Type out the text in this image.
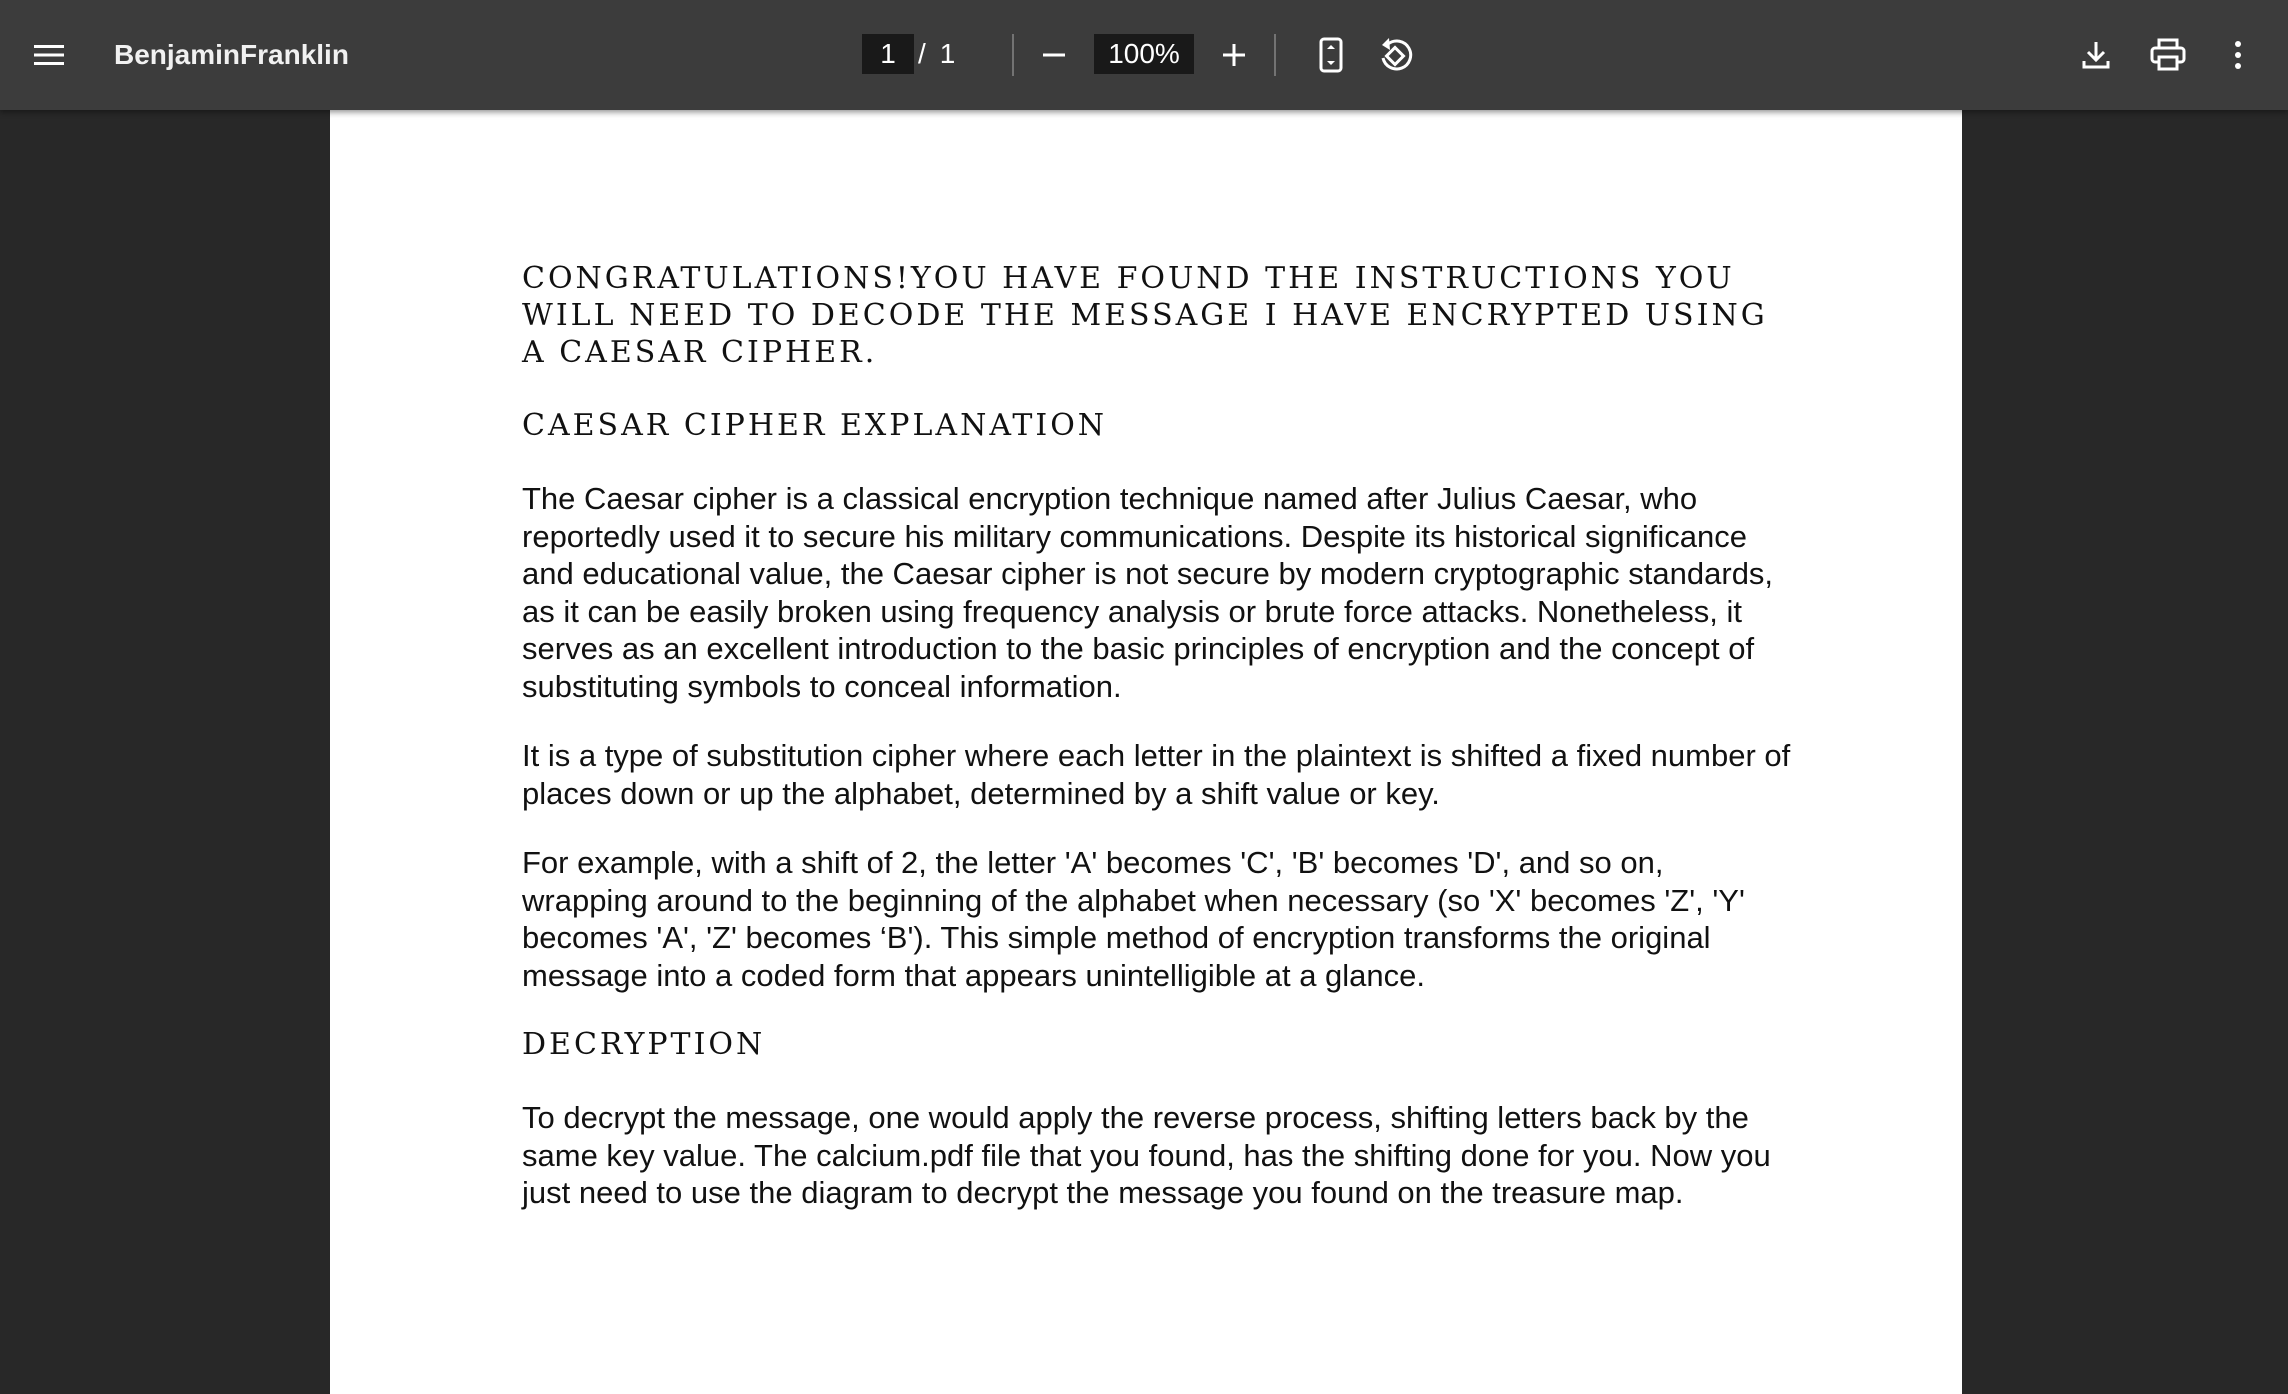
BenjaminFranklin	1 / 1	100%

CONGRATULATIONS!YOU HAVE FOUND THE INSTRUCTIONS YOU WILL NEED TO DECODE THE MESSAGE I HAVE ENCRYPTED USING A CAESAR CIPHER.

CAESAR CIPHER EXPLANATION

The Caesar cipher is a classical encryption technique named after Julius Caesar, who reportedly used it to secure his military communications. Despite its historical significance and educational value, the Caesar cipher is not secure by modern cryptographic standards, as it can be easily broken using frequency analysis or brute force attacks. Nonetheless, it serves as an excellent introduction to the basic principles of encryption and the concept of substituting symbols to conceal information.

It is a type of substitution cipher where each letter in the plaintext is shifted a fixed number of places down or up the alphabet, determined by a shift value or key.

For example, with a shift of 2, the letter 'A' becomes 'C', 'B' becomes 'D', and so on, wrapping around to the beginning of the alphabet when necessary (so 'X' becomes 'Z', 'Y' becomes 'A', 'Z' becomes ‘B'). This simple method of encryption transforms the original message into a coded form that appears unintelligible at a glance.

DECRYPTION

To decrypt the message, one would apply the reverse process, shifting letters back by the same key value. The calcium.pdf file that you found, has the shifting done for you. Now you just need to use the diagram to decrypt the message you found on the treasure map.
